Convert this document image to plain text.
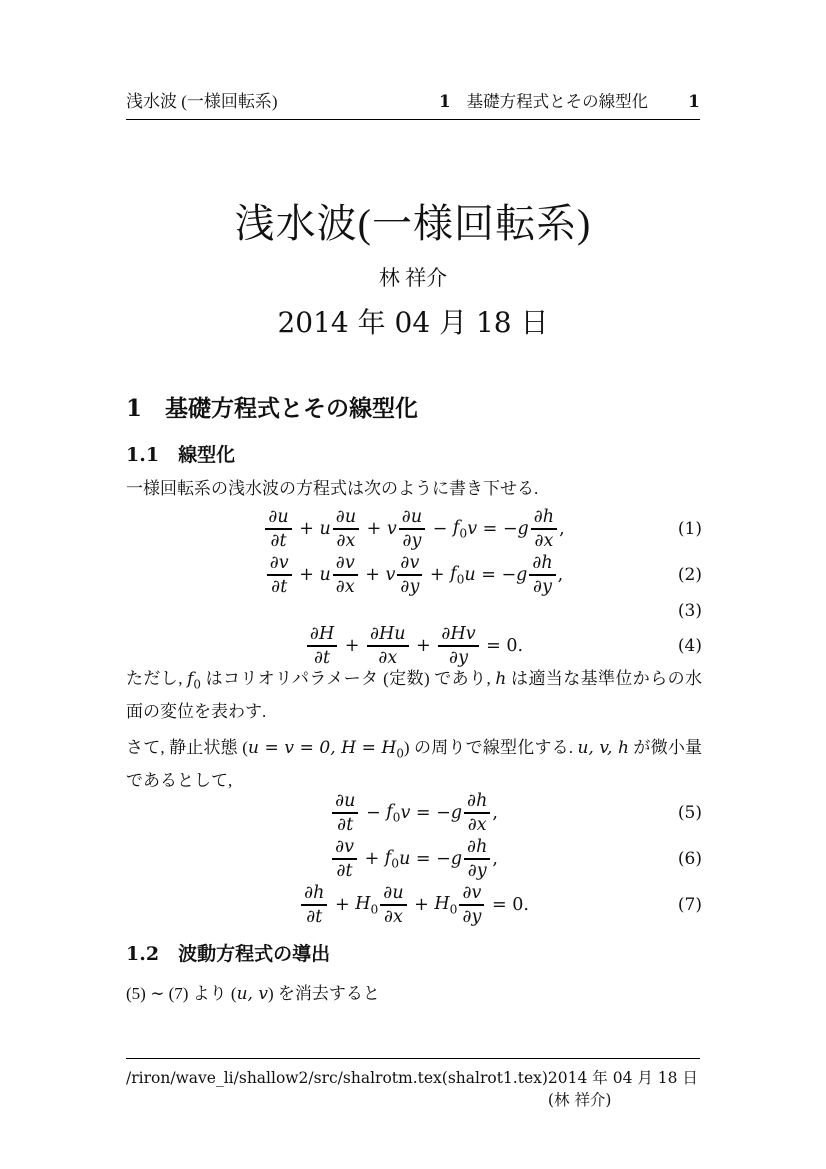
浅水波 (一様回転系)	1 基礎方程式とその線型化 1
浅水波(一様回転系)
林 祥介
2014 年 04 月 18 日
1 基礎方程式とその線型化
1.1 線型化
一様回転系の浅水波の方程式は次のように書き下せる.
$\frac{\partial u}{\partial t} + u \frac{\partial u}{\partial x} + v \frac{\partial u}{\partial y} - f_0$ v = − g $\frac{\partial h}{\partial x}$ ,	(1)
$\frac{\partial v}{\partial t} + u \frac{\partial v}{\partial x} + v \frac{\partial v}{\partial y} + f_0$ u = − g $\frac{\partial h}{\partial y}$ ,	(2)
(3)
$\frac{\partial H}{\partial t} + \frac{\partial Hu}{\partial x} + \frac{\partial Hv}{\partial y} = 0$.	(4)
ただし, $f_0$ はコリオリパラメータ (定数) であり, h は適当な基準位からの水面の変位を表わす.
さて, 静止状態 (u = v = 0, $H = H_0$) の周りで線型化する. u, v, h が微小量であるとして,
$\frac{\partial u}{\partial t} - f_0$ v = − g $\frac{\partial h}{\partial x}$ ,	(5)
$\frac{\partial v}{\partial t} + f_0$ u = − g $\frac{\partial h}{\partial y}$ ,	(6)
$\frac{\partial h}{\partial t} + H_0 \frac{\partial u}{\partial x} + H_0 \frac{\partial v}{\partial y} = 0$.	(7)
1.2 波動方程式の導出
(5) ∼ (7) より (u, v) を消去すると
/riron/wave_li/shallow2/src/shalrotm.tex(shalrot1.tex) 2014 年 04 月 18 日 (林 祥介)
